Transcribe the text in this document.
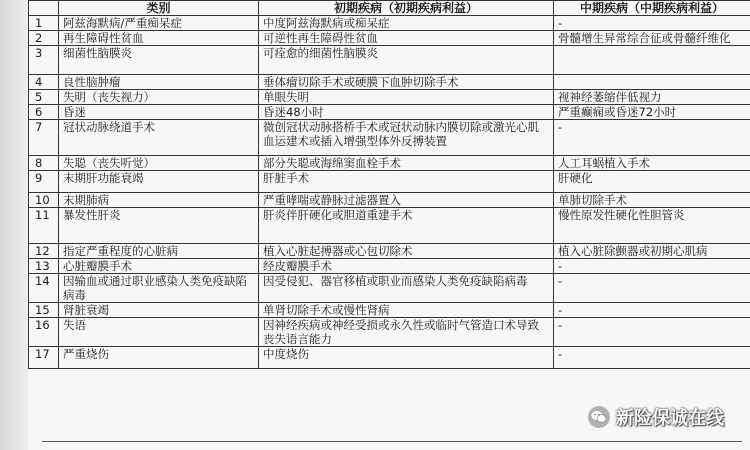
	类别	初期疾病（初期疾病利益）	中期疾病（中期疾病利益）
1	阿兹海默病/严重痴呆症	中度阿兹海默病或痴呆症	-
2	再生障碍性贫血	可逆性再生障碍性贫血	骨髓增生异常综合征或骨髓纤维化
3	细菌性脑膜炎	可痊愈的细菌性脑膜炎	
4	良性脑肿瘤	垂体瘤切除手术或硬膜下血肿切除手术	
5	失明（丧失视力）	单眼失明	视神经萎缩伴低视力
6	昏迷	昏迷48小时	严重癫痫或昏迷72小时
7	冠状动脉绕道手术	微创冠状动脉搭桥手术或冠状动脉内膜切除或激光心肌血运建术或插入增强型体外反搏装置	-
8	失聪（丧失听觉）	部分失聪或海绵窦血栓手术	人工耳蜗植入手术
9	末期肝功能衰竭	肝脏手术	肝硬化
10	末期肺病	严重哮喘或静脉过滤器置入	单肺切除手术
11	暴发性肝炎	肝炎伴肝硬化或胆道重建手术	慢性原发性硬化性胆管炎
12	指定严重程度的心脏病	植入心脏起搏器或心包切除术	植入心脏除颤器或初期心肌病
13	心脏瓣膜手术	经皮瓣膜手术	-
14	因输血或通过职业感染人类免疫缺陷病毒	因受侵犯、器官移植或职业而感染人类免疫缺陷病毒	-
15	肾脏衰竭	单肾切除手术或慢性肾病	-
16	失语	因神经疾病或神经受损或永久性或临时气管造口术导致丧失语言能力	-
17	严重烧伤	中度烧伤	-
新险保诚在线
